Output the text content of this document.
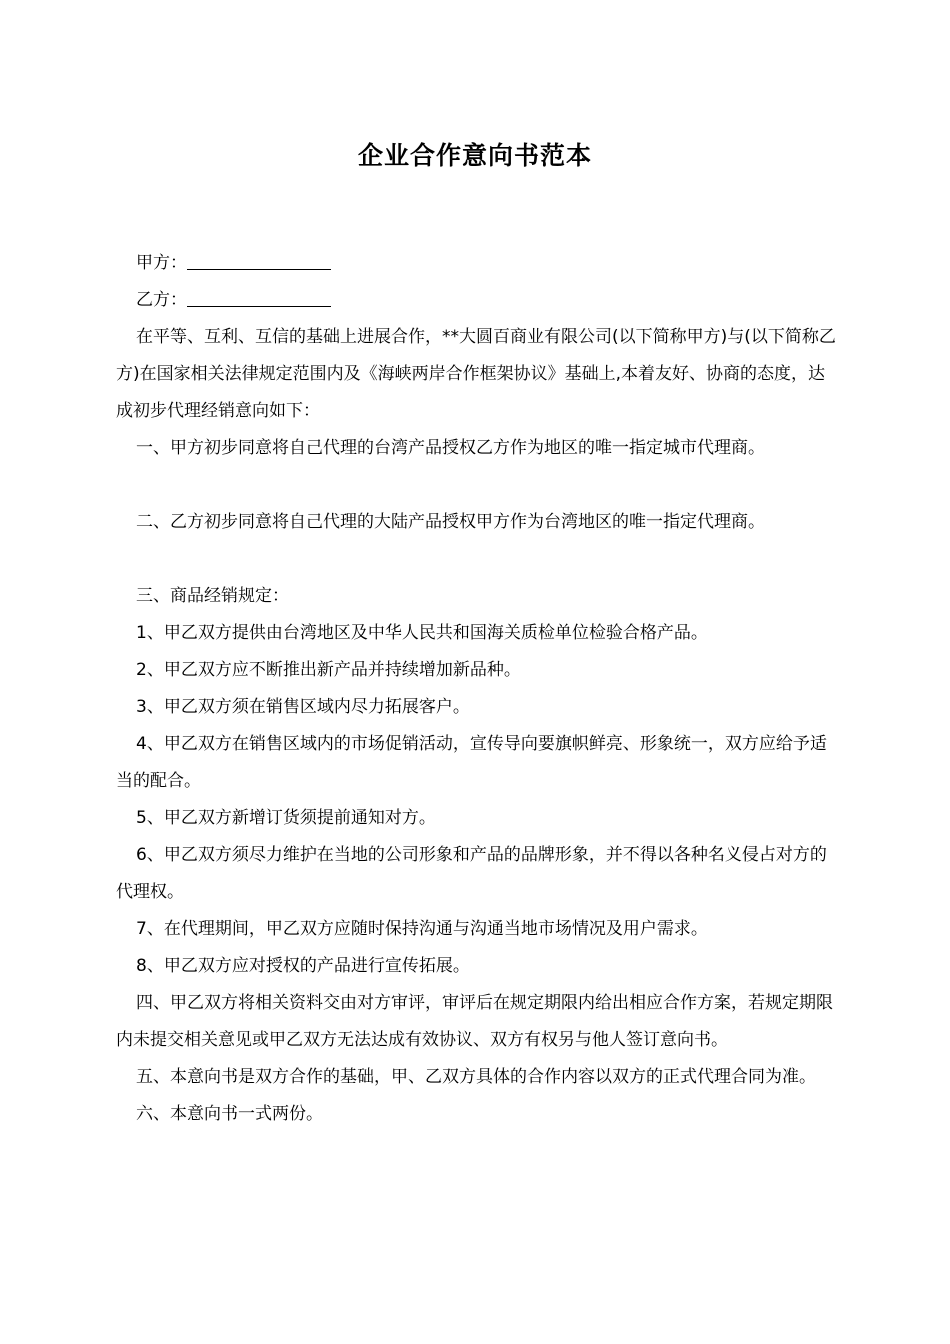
企业合作意向书范本

甲方：

乙方：

在平等、互利、互信的基础上进展合作，**大圆百商业有限公司(以下简称甲方)与(以下简称乙方)在国家相关法律规定范围内及《海峡两岸合作框架协议》基础上,本着友好、协商的态度，达成初步代理经销意向如下：

一、甲方初步同意将自己代理的台湾产品授权乙方作为地区的唯一指定城市代理商。

二、乙方初步同意将自己代理的大陆产品授权甲方作为台湾地区的唯一指定代理商。

三、商品经销规定：

1、甲乙双方提供由台湾地区及中华人民共和国海关质检单位检验合格产品。

2、甲乙双方应不断推出新产品并持续增加新品种。

3、甲乙双方须在销售区域内尽力拓展客户。

4、甲乙双方在销售区域内的市场促销活动，宣传导向要旗帜鲜亮、形象统一，双方应给予适当的配合。

5、甲乙双方新增订货须提前通知对方。

6、甲乙双方须尽力维护在当地的公司形象和产品的品牌形象，并不得以各种名义侵占对方的代理权。

7、在代理期间，甲乙双方应随时保持沟通与沟通当地市场情况及用户需求。

8、甲乙双方应对授权的产品进行宣传拓展。

四、甲乙双方将相关资料交由对方审评，审评后在规定期限内给出相应合作方案，若规定期限内未提交相关意见或甲乙双方无法达成有效协议、双方有权另与他人签订意向书。

五、本意向书是双方合作的基础，甲、乙双方具体的合作内容以双方的正式代理合同为准。

六、本意向书一式两份。
